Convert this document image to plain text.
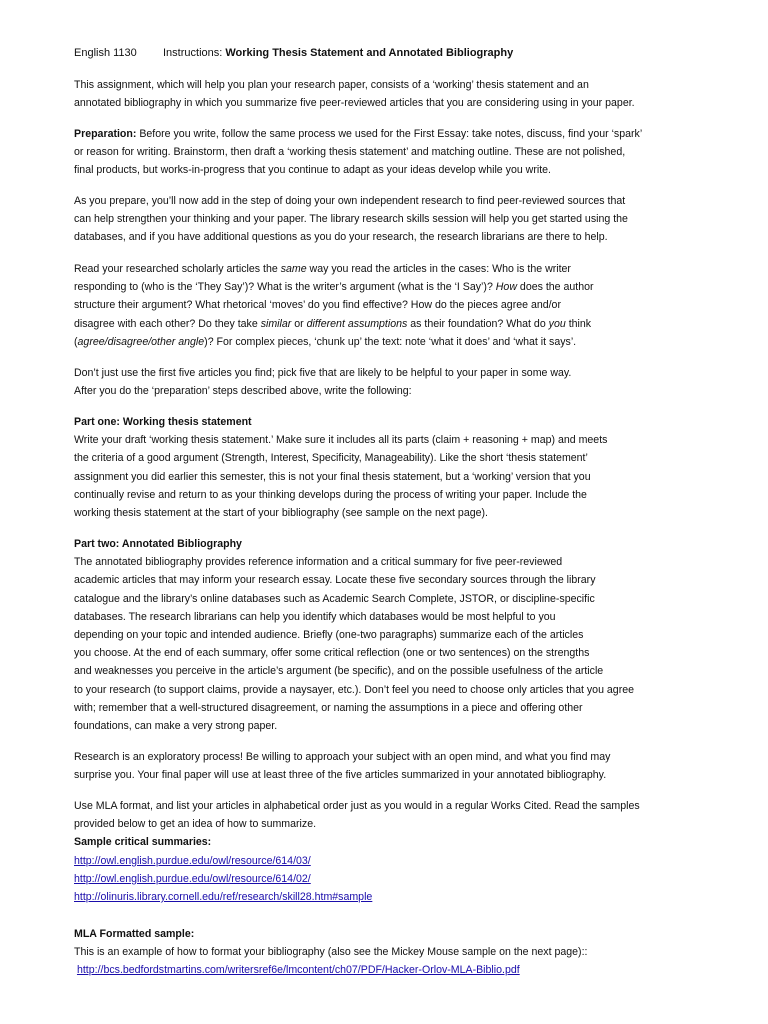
English 1130 Instructions: Working Thesis Statement and Annotated Bibliography
This assignment, which will help you plan your research paper, consists of a ‘working’ thesis statement and an
annotated bibliography in which you summarize five peer-reviewed articles that you are considering using in your paper.
Preparation: Before you write, follow the same process we used for the First Essay: take notes, discuss, find your ‘spark’
or reason for writing. Brainstorm, then draft a ‘working thesis statement’ and matching outline. These are not polished,
final products, but works-in-progress that you continue to adapt as your ideas develop while you write.
As you prepare, you’ll now add in the step of doing your own independent research to find peer-reviewed sources that
can help strengthen your thinking and your paper. The library research skills session will help you get started using the
databases, and if you have additional questions as you do your research, the research librarians are there to help.
Read your researched scholarly articles the same way you read the articles in the cases: Who is the writer
responding to (who is the ‘They Say’)? What is the writer’s argument (what is the ‘I Say’)? How does the author
structure their argument? What rhetorical ‘moves’ do you find effective? How do the pieces agree and/or
disagree with each other? Do they take similar or different assumptions as their foundation? What do you think
(agree/disagree/other angle)? For complex pieces, ‘chunk up’ the text: note ‘what it does’ and ‘what it says’.
Don’t just use the first five articles you find; pick five that are likely to be helpful to your paper in some way.
After you do the ‘preparation’ steps described above, write the following:
Part one: Working thesis statement
Write your draft ‘working thesis statement.’ Make sure it includes all its parts (claim + reasoning + map) and meets
the criteria of a good argument (Strength, Interest, Specificity, Manageability). Like the short ‘thesis statement’
assignment you did earlier this semester, this is not your final thesis statement, but a ‘working’ version that you
continually revise and return to as your thinking develops during the process of writing your paper. Include the
working thesis statement at the start of your bibliography (see sample on the next page).
Part two: Annotated Bibliography
The annotated bibliography provides reference information and a critical summary for five peer-reviewed
academic articles that may inform your research essay. Locate these five secondary sources through the library
catalogue and the library’s online databases such as Academic Search Complete, JSTOR, or discipline-specific
databases. The research librarians can help you identify which databases would be most helpful to you
depending on your topic and intended audience. Briefly (one-two paragraphs) summarize each of the articles
you choose. At the end of each summary, offer some critical reflection (one or two sentences) on the strengths
and weaknesses you perceive in the article’s argument (be specific), and on the possible usefulness of the article
to your research (to support claims, provide a naysayer, etc.). Don’t feel you need to choose only articles that you agree
with; remember that a well-structured disagreement, or naming the assumptions in a piece and offering other
foundations, can make a very strong paper.
Research is an exploratory process! Be willing to approach your subject with an open mind, and what you find may
surprise you. Your final paper will use at least three of the five articles summarized in your annotated bibliography.
Use MLA format, and list your articles in alphabetical order just as you would in a regular Works Cited. Read the samples
provided below to get an idea of how to summarize.
Sample critical summaries:
http://owl.english.purdue.edu/owl/resource/614/03/
http://owl.english.purdue.edu/owl/resource/614/02/
http://olinuris.library.cornell.edu/ref/research/skill28.htm#sample
MLA Formatted sample:
This is an example of how to format your bibliography (also see the Mickey Mouse sample on the next page)::
http://bcs.bedfordstmartins.com/writersref6e/lmcontent/ch07/PDF/Hacker-Orlov-MLA-Biblio.pdf
